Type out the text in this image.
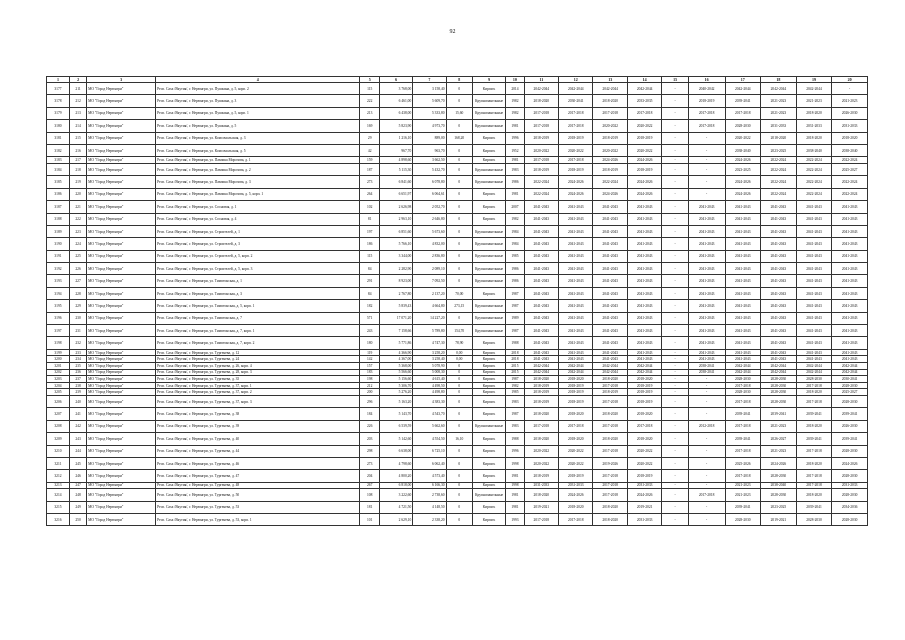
92
1	2	3	4	5	6	7	8	9	10	11	12	13	14	15	16	17	18	19	20
3177	211	МО "Город Нерюнгри"	Респ. Саха /Якутия/, г. Нерюнгри, ул. Пушкина, д. 5, корп. 2	115	3 768,00	3 158,40	0	Кирпич.	2014	2042-2044	2042-2044	2042-2044	2042-2044	-	2040-2042	2042-2044	2042-2044	2042-2044	-
3178	212	МО "Город Нерюнгри"	Респ. Саха /Якутия/, г. Нерюнгри, ул. Пушкина, д. 3	222	6 461,00	5 609,70	0	Крупнопанельные	1982	2018-2020	2030-2041	2018-2020	2033-2035	-	2018-2019	2039-2041	2021-2023	2021-2023	2021-2023
3179	213	МО "Город Нерюнгри"	Респ. Саха /Якутия/, г. Нерюнгри, ул. Пушкина, д. 5, корп. 1	213	6 438,00	5 333,80	15,60	Крупнопанельные	1982	2017-2018	2017-2018	2017-2018	2017-2018	-	2017-2018	2017-2018	2021-2023	2018-2020	2026-2030
3180	214	МО "Город Нерюнгри"	Респ. Саха /Якутия/, г. Нерюнгри, ул. Пушкина, д. 5	169	5 823,90	4 973,70	0	Крупнопанельные	1981	2017-2018	2017-2018	2020-2022	2020-2022	-	2017-2018	2028-2030	2031-2033	2031-2033	2031-2033
3181	215	МО "Город Нерюнгри"	Респ. Саха /Якутия/, г. Нерюнгри, ул. Комсомольская, д. 3	29	1 216,10	889,00	168,20	Кирпич.	1996	2018-2019	2018-2019	2018-2019	2018-2019	-	-	2020-2022	2018-2020	2018-2020	2018-2020
3182	216	МО "Город Нерюнгри"	Респ. Саха /Якутия/, г. Нерюнгри, ул. Комсомольская, д. 5	42	967,70	963,70	0	Кирпич.	1952	2020-2022	2020-2022	2020-2022	2020-2022	-	-	2038-2040	2023-2025	2038-2040	2038-2040
3183	217	МО "Город Нерюнгри"	Респ. Саха /Якутия/, г. Нерюнгри, ул. Павлика Морозова, д. 1	159	4 898,60	3 662,50	0	Кирпич.	1981	2017-2018	2017-2018	2024-2026	2024-2026	-	-	2024-2026	2022-2024	2022-2024	2022-2024
3184	218	МО "Город Нерюнгри"	Респ. Саха /Якутия/, г. Нерюнгри, ул. Павлика Морозова, д. 2	187	5 115,30	5 432,70	0	Крупнопанельные	1983	2018-2019	2018-2019	2018-2019	2018-2019	-	-	2023-2025	2022-2024	2022-2024	2025-2027
3185	219	МО "Город Нерюнгри"	Респ. Саха /Якутия/, г. Нерюнгри, ул. Павлика Морозова, д. 3	273	6 841,60	6 078,80	0	Крупнопанельные	1986	2022-2024	2024-2026	2022-2024	2024-2026	-	-	2024-2026	2022-2024	2022-2024	2022-2024
3186	220	МО "Город Нерюнгри"	Респ. Саха /Якутия/, г. Нерюнгри, ул. Павлика Морозова, д. 5, корп. 1	264	6 651,97	6 064,61	0	Кирпич.	1981	2022-2024	2024-2026	2024-2026	2024-2026	-	-	2024-2026	2022-2024	2022-2024	2022-2024
3187	221	МО "Город Нерюнгри"	Респ. Саха /Якутия/, г. Нерюнгри, ул. Сосновая, д. 1	102	2 626,98	2 052,70	0	Кирпич.	2007	2041-2043	2041-2043	2041-2043	2041-2043	-	2041-2043	2041-2043	2041-2043	2041-2043	2041-2043
3188	222	МО "Город Нерюнгри"	Респ. Саха /Якутия/, г. Нерюнгри, ул. Сосновая, д. 4	81	2 963,10	2 646,80	0	Кирпич.	1982	2041-2043	2041-2043	2041-2043	2041-2043	-	2041-2043	2041-2043	2041-2043	2041-2043	2041-2043
3189	223	МО "Город Нерюнгри"	Респ. Саха /Якутия/, г. Нерюнгри, ул. Строителей, д. 1	197	6 851,60	5 673,60	0	Крупнопанельные	1984	2041-2043	2041-2043	2041-2043	2041-2043	-	2041-2043	2041-2043	2041-2043	2041-2043	2041-2043
3190	224	МО "Город Нерюнгри"	Респ. Саха /Якутия/, г. Нерюнгри, ул. Строителей, д. 3	186	5 766,10	4 832,00	0	Крупнопанельные	1984	2041-2043	2041-2043	2041-2043	2041-2043	-	2041-2043	2041-2043	2041-2043	2041-2043	2041-2043
3191	225	МО "Город Нерюнгри"	Респ. Саха /Якутия/, г. Нерюнгри, ул. Строителей, д. 5, корп. 2	115	3 344,00	2 836,80	0	Крупнопанельные	1985	2041-2043	2041-2043	2041-2043	2041-2043	-	2041-2043	2041-2043	2041-2043	2041-2043	2041-2043
3192	226	МО "Город Нерюнгри"	Респ. Саха /Якутия/, г. Нерюнгри, ул. Строителей, д. 5, корп. 3	84	2 282,90	2 089,10	0	Крупнопанельные	1986	2041-2043	2041-2043	2041-2043	2041-2043	-	2041-2043	2041-2043	2041-2043	2041-2043	2041-2043
3193	227	МО "Город Нерюнгри"	Респ. Саха /Якутия/, г. Нерюнгри, ул. Тимптонская, д. 1	291	8 923,00	7 092,50	0	Крупнопанельные	1986	2041-2043	2041-2043	2041-2043	2041-2043	-	2041-2043	2041-2043	2041-2043	2041-2043	2041-2043
3194	228	МО "Город Нерюнгри"	Респ. Саха /Якутия/, г. Нерюнгри, ул. Тимптонская, д. 3	84	2 767,80	2 137,20	70,00	Кирпич.	1987	2041-2043	2041-2043	2041-2043	2041-2043	-	2041-2043	2041-2043	2041-2043	2041-2043	2041-2043
3195	229	МО "Город Нерюнгри"	Респ. Саха /Якутия/, г. Нерюнгри, ул. Тимптонская, д. 5, корп. 1	182	5 839,43	4 664,80	273,15	Крупнопанельные	1987	2041-2043	2041-2043	2041-2043	2041-2043	-	2041-2043	2041-2043	2041-2043	2041-2043	2041-2043
3196	230	МО "Город Нерюнгри"	Респ. Саха /Якутия/, г. Нерюнгри, ул. Тимптонская, д. 7	571	17 071,20	14 227,20	0	Крупнопанельные	1989	2041-2043	2041-2043	2041-2043	2041-2043	-	2041-2043	2041-2043	2041-2043	2041-2043	2041-2043
3197	231	МО "Город Нерюнгри"	Респ. Саха /Якутия/, г. Нерюнгри, ул. Тимптонская, д. 7, корп. 1	243	7 158,66	5 789,80	154,70	Крупнопанельные	1987	2041-2043	2041-2043	2041-2043	2041-2043	-	2041-2043	2041-2043	2041-2043	2041-2043	2041-2043
3198	232	МО "Город Нерюнгри"	Респ. Саха /Якутия/, г. Нерюнгри, ул. Тимптонская, д. 7, корп. 2	180	5 771,86	4 747,30	78,90	Кирпич.	1988	2041-2043	2041-2043	2041-2043	2041-2043	-	2041-2043	2041-2043	2041-2043	2041-2043	2041-2043
3199	233	МО "Город Нерюнгри"	Респ. Саха /Якутия/, г. Нерюнгри, ул. Тургенева, д. 12	119	4 366,90	3 258,20	0,00	Кирпич.	2018	2041-2043	2041-2043	2041-2043	2041-2043	-	2041-2043	2041-2043	2041-2043	2041-2043	2041-2043
3200	234	МО "Город Нерюнгри"	Респ. Саха /Якутия/, г. Нерюнгри, ул. Тургенева, д. 24	142	4 367,00	3 258,40	0,00	Кирпич.	2018	2041-2043	2041-2043	2041-2043	2041-2043	-	2041-2043	2041-2043	2041-2043	2041-2043	2041-2043
3201	235	МО "Город Нерюнгри"	Респ. Саха /Якутия/, г. Нерюнгри, ул. Тургенева, д. 26, корп. 4	157	5 368,00	5 078,90	0	Кирпич.	2015	2042-2044	2042-2044	2042-2044	2042-2044	-	2038-2041	2042-2044	2042-2044	2042-2044	2042-2044
3202	236	МО "Город Нерюнгри"	Респ. Саха /Якутия/, г. Нерюнгри, ул. Тургенева, д. 28, корп. 3	183	5 566,60	5 008,30	0	Кирпич.	2015	2042-2044	2042-2044	2042-2044	2042-2044	-	2038-2041	2042-2044	2042-2044	2042-2044	2042-2044
3203	237	МО "Город Нерюнгри"	Респ. Саха /Якутия/, г. Нерюнгри, ул. Тургенева, д. 35	198	5 156,60	4 615,40	0	Кирпич.	1987	2018-2020	2018-2020	2018-2020	2018-2020	-	-	2028-2030	2028-2030	2028-2030	2030-2041
3204	238	МО "Город Нерюнгри"	Респ. Саха /Якутия/, г. Нерюнгри, ул. Тургенева, д. 37, корп. 1	212	5 306,70	4 498,50	0	Кирпич.	1982	2018-2019	2018-2019	2017-2018	2018-2019	-	-	2017-2018	2028-2030	2017-2018	2028-2030
3205	239	МО "Город Нерюнгри"	Респ. Саха /Якутия/, г. Нерюнгри, ул. Тургенева, д. 37, корп. 2	200	5 276,20	4 498,80	0	Кирпич.	1985	2018-2019	2018-2019	2018-2019	2018-2019	-	-	2028-2030	2028-2030	2018-2020	2025-2027
3206	240	МО "Город Нерюнгри"	Респ. Саха /Якутия/, г. Нерюнгри, ул. Тургенева, д. 37, корп. 3	296	5 163,20	4 383,30	0	Кирпич.	1983	2018-2019	2018-2019	2017-2018	2018-2019	-	-	2017-2018	2028-2030	2017-2018	2028-2030
3207	241	МО "Город Нерюнгри"	Респ. Саха /Якутия/, г. Нерюнгри, ул. Тургенева, д. 38	184	5 143,70	4 543,70	0	Кирпич.	1987	2018-2020	2018-2020	2018-2020	2018-2020	-	-	2039-2041	2039-2041	2039-2041	2039-2041
3208	242	МО "Город Нерюнгри"	Респ. Саха /Якутия/, г. Нерюнгри, ул. Тургенева, д. 39	226	6 539,59	5 662,60	0	Крупнопанельные	1983	2017-2018	2017-2018	2017-2018	2017-2018	-	2012-2018	2017-2018	2021-2023	2018-2020	2026-2030
3209	243	МО "Город Нерюнгри"	Респ. Саха /Якутия/, г. Нерюнгри, ул. Тургенева, д. 40	203	5 142,60	4 554,50	16,10	Кирпич.	1988	2018-2020	2018-2020	2018-2020	2018-2020	-	-	2039-2041	2026-2027	2039-2041	2039-2041
3210	244	МО "Город Нерюнгри"	Респ. Саха /Якутия/, г. Нерюнгри, ул. Тургенева, д. 44	298	6 638,00	6 725,10	0	Кирпич.	1996	2020-2022	2020-2022	2017-2018	2020-2022	-	-	2017-2018	2021-2023	2017-2018	2028-2030
3211	245	МО "Город Нерюнгри"	Респ. Саха /Якутия/, г. Нерюнгри, ул. Тургенева, д. 46	273	4 798,60	6 062,40	0	Кирпич.	1998	2020-2022	2020-2022	2019-2026	2020-2022	-	-	2025-2026	2024-2026	2018-2020	2024-2026
3212	246	МО "Город Нерюнгри"	Респ. Саха /Якутия/, г. Нерюнгри, ул. Тургенева, д. 47	204	4 800,20	4 573,40	0	Кирпич.	1981	2018-2019	2018-2019	2017-2018	2018-2019	-	-	2017-2018	2028-2030	2017-2018	2028-2030
3213	247	МО "Город Нерюнгри"	Респ. Саха /Якутия/, г. Нерюнгри, ул. Тургенева, д. 48	267	6 818,00	6 166,30	0	Кирпич.	1998	2031-2033	2031-2033	2017-2018	2031-2033	-	-	2021-2023	2038-2040	2017-2018	2031-2033
3214	248	МО "Город Нерюнгри"	Респ. Саха /Якутия/, г. Нерюнгри, ул. Тургенева, д. 50	108	3 222,60	2 738,60	0	Крупнопанельные	1981	2018-2020	2024-2026	2017-2018	2024-2026	-	2017-2018	2021-2023	2028-2030	2018-2020	2028-2030
3215	249	МО "Город Нерюнгри"	Респ. Саха /Якутия/, г. Нерюнгри, ул. Тургенева, д. 53	181	4 721,50	4 148,50	0	Кирпич.	1981	2019-2021	2018-2020	2018-2020	2019-2021	-	-	2039-2041	2023-2025	2039-2041	2034-2036
3216	250	МО "Город Нерюнгри"	Респ. Саха /Якутия/, г. Нерюнгри, ул. Тургенева, д. 53, корп. 1	101	2 629,10	2 338,20	0	Кирпич.	1993	2017-2018	2017-2018	2018-2020	2031-2033	-	-	2028-2030	2019-2021	2028-2030	2028-2030
